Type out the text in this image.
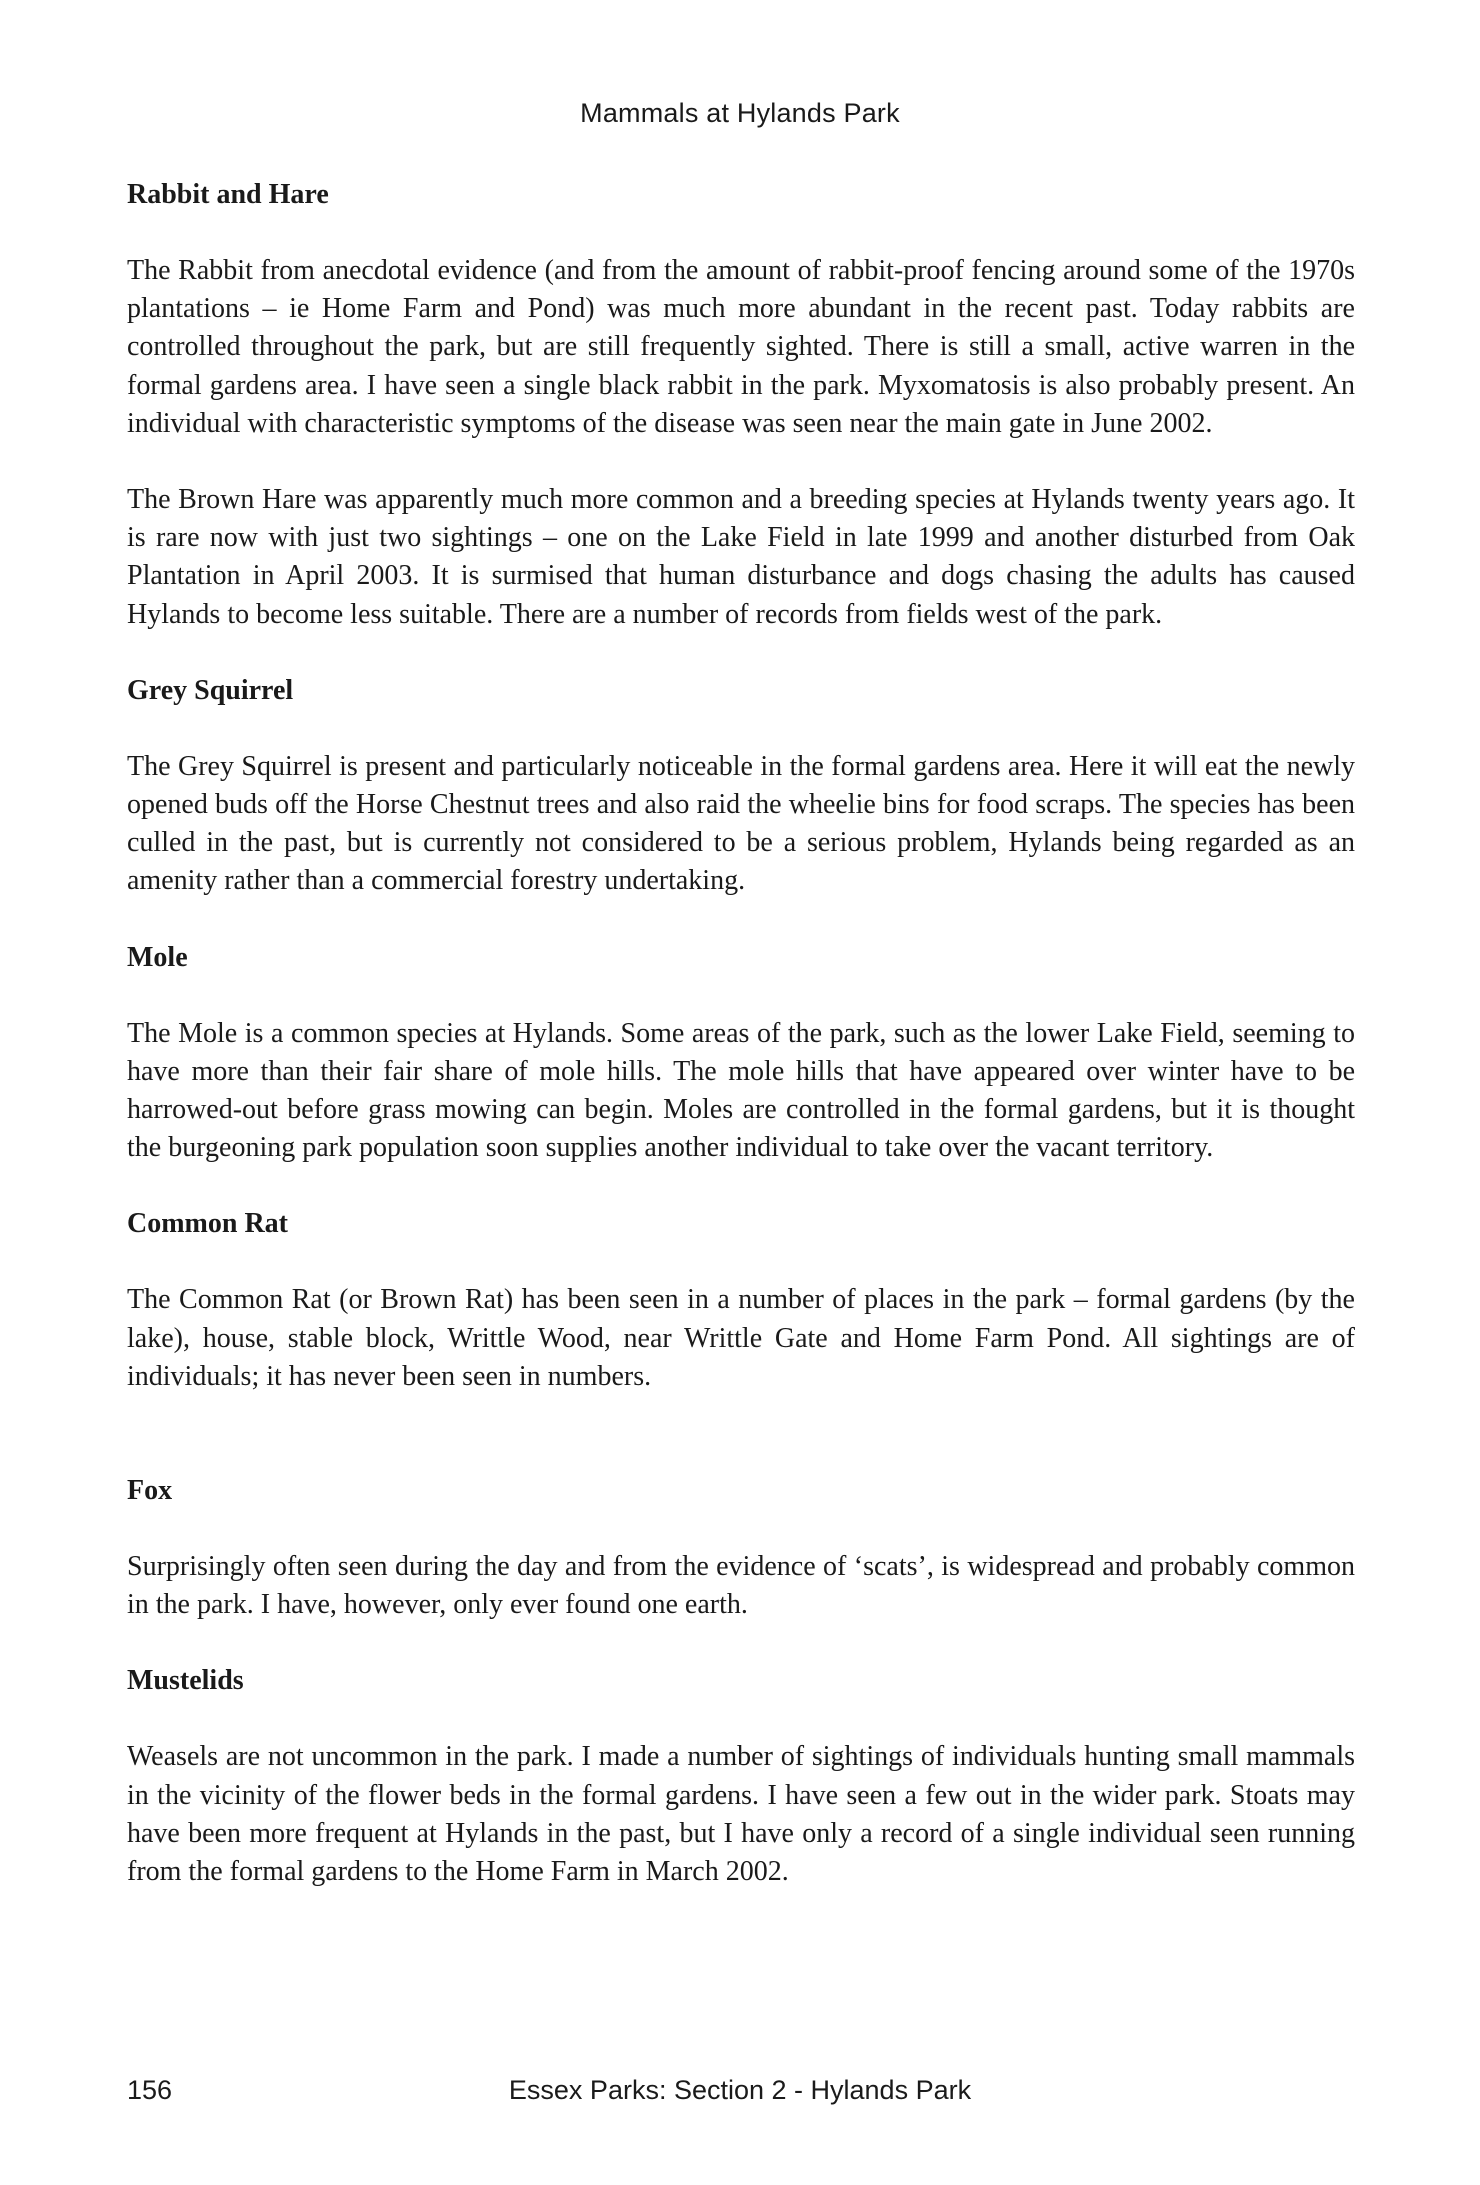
Mammals at Hylands Park
Rabbit and Hare

The Rabbit from anecdotal evidence (and from the amount of rabbit-proof fencing around some of the 1970s plantations – ie Home Farm and Pond) was much more abundant in the recent past. Today rabbits are controlled throughout the park, but are still frequently sighted. There is still a small, active warren in the formal gardens area. I have seen a single black rabbit in the park. Myxomatosis is also probably present. An individual with characteristic symptoms of the disease was seen near the main gate in June 2002.

The Brown Hare was apparently much more common and a breeding species at Hylands twenty years ago. It is rare now with just two sightings – one on the Lake Field in late 1999 and another disturbed from Oak Plantation in April 2003. It is surmised that human disturbance and dogs chasing the adults has caused Hylands to become less suitable. There are a number of records from fields west of the park.

Grey Squirrel

The Grey Squirrel is present and particularly noticeable in the formal gardens area. Here it will eat the newly opened buds off the Horse Chestnut trees and also raid the wheelie bins for food scraps. The species has been culled in the past, but is currently not considered to be a serious problem, Hylands being regarded as an amenity rather than a commercial forestry undertaking.

Mole

The Mole is a common species at Hylands. Some areas of the park, such as the lower Lake Field, seeming to have more than their fair share of mole hills. The mole hills that have appeared over winter have to be harrowed-out before grass mowing can begin. Moles are controlled in the formal gardens, but it is thought the burgeoning park population soon supplies another individual to take over the vacant territory.

Common Rat

The Common Rat (or Brown Rat) has been seen in a number of places in the park – formal gardens (by the lake), house, stable block, Writtle Wood, near Writtle Gate and Home Farm Pond. All sightings are of individuals; it has never been seen in numbers.

Fox

Surprisingly often seen during the day and from the evidence of ‘scats’, is widespread and probably common in the park. I have, however, only ever found one earth.

Mustelids

Weasels are not uncommon in the park. I made a number of sightings of individuals hunting small mammals in the vicinity of the flower beds in the formal gardens. I have seen a few out in the wider park. Stoats may have been more frequent at Hylands in the past, but I have only a record of a single individual seen running from the formal gardens to the Home Farm in March 2002.

156	Essex Parks: Section 2 - Hylands Park
